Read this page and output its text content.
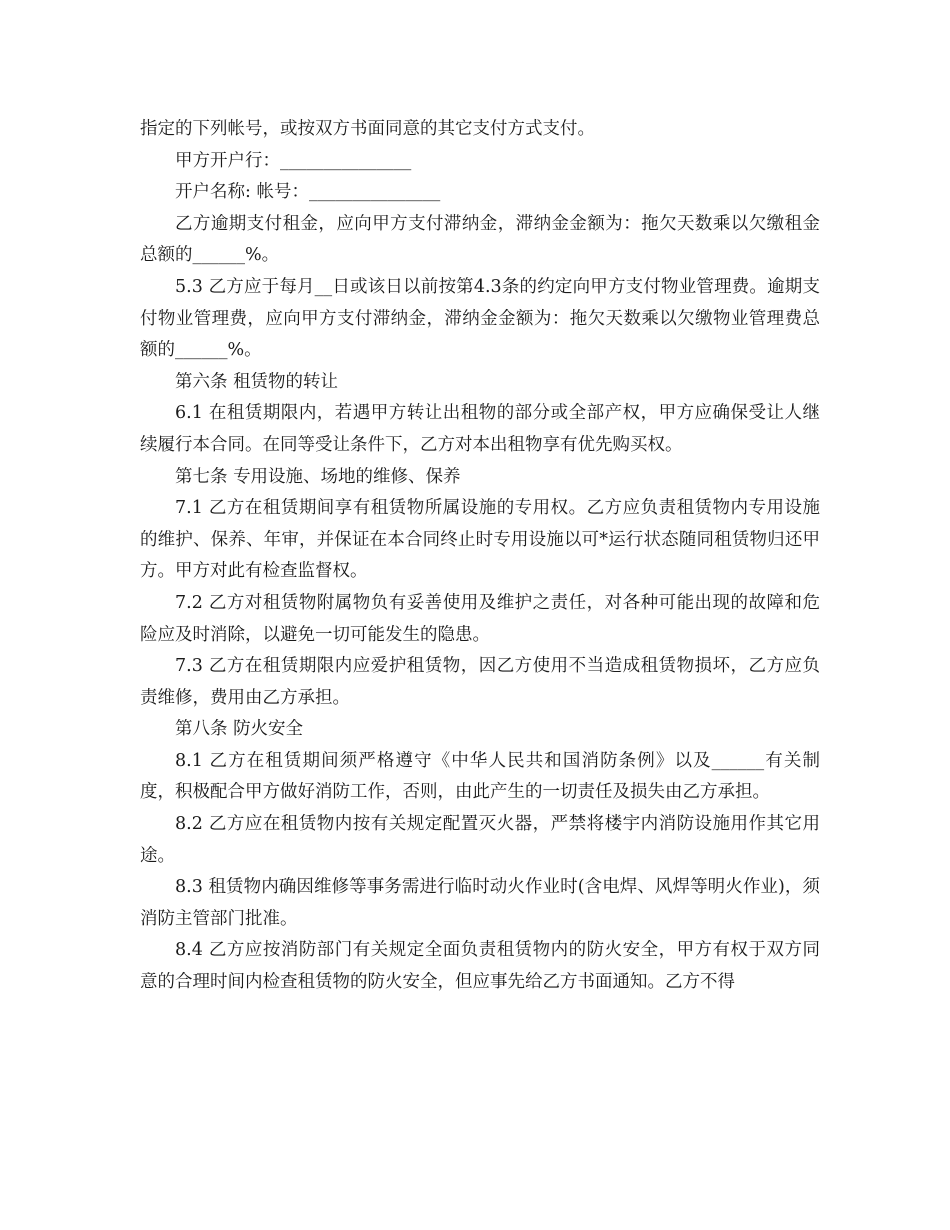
指定的下列帐号，或按双方书面同意的其它支付方式支付。

甲方开户行：_______________

开户名称: 帐号：_______________

乙方逾期支付租金，应向甲方支付滞纳金，滞纳金金额为：拖欠天数乘以欠缴租金总额的______%。

5.3 乙方应于每月__日或该日以前按第4.3条的约定向甲方支付物业管理费。逾期支付物业管理费，应向甲方支付滞纳金，滞纳金金额为：拖欠天数乘以欠缴物业管理费总额的______%。

第六条 租赁物的转让

6.1 在租赁期限内，若遇甲方转让出租物的部分或全部产权，甲方应确保受让人继续履行本合同。在同等受让条件下，乙方对本出租物享有优先购买权。

第七条 专用设施、场地的维修、保养

7.1 乙方在租赁期间享有租赁物所属设施的专用权。乙方应负责租赁物内专用设施的维护、保养、年审，并保证在本合同终止时专用设施以可*运行状态随同租赁物归还甲方。甲方对此有检查监督权。

7.2 乙方对租赁物附属物负有妥善使用及维护之责任，对各种可能出现的故障和危险应及时消除，以避免一切可能发生的隐患。

7.3 乙方在租赁期限内应爱护租赁物，因乙方使用不当造成租赁物损坏，乙方应负责维修，费用由乙方承担。

第八条 防火安全

8.1 乙方在租赁期间须严格遵守《中华人民共和国消防条例》以及______有关制度，积极配合甲方做好消防工作，否则，由此产生的一切责任及损失由乙方承担。

8.2 乙方应在租赁物内按有关规定配置灭火器，严禁将楼宇内消防设施用作其它用途。

8.3 租赁物内确因维修等事务需进行临时动火作业时(含电焊、风焊等明火作业)，须消防主管部门批准。

8.4 乙方应按消防部门有关规定全面负责租赁物内的防火安全，甲方有权于双方同意的合理时间内检查租赁物的防火安全，但应事先给乙方书面通知。乙方不得
